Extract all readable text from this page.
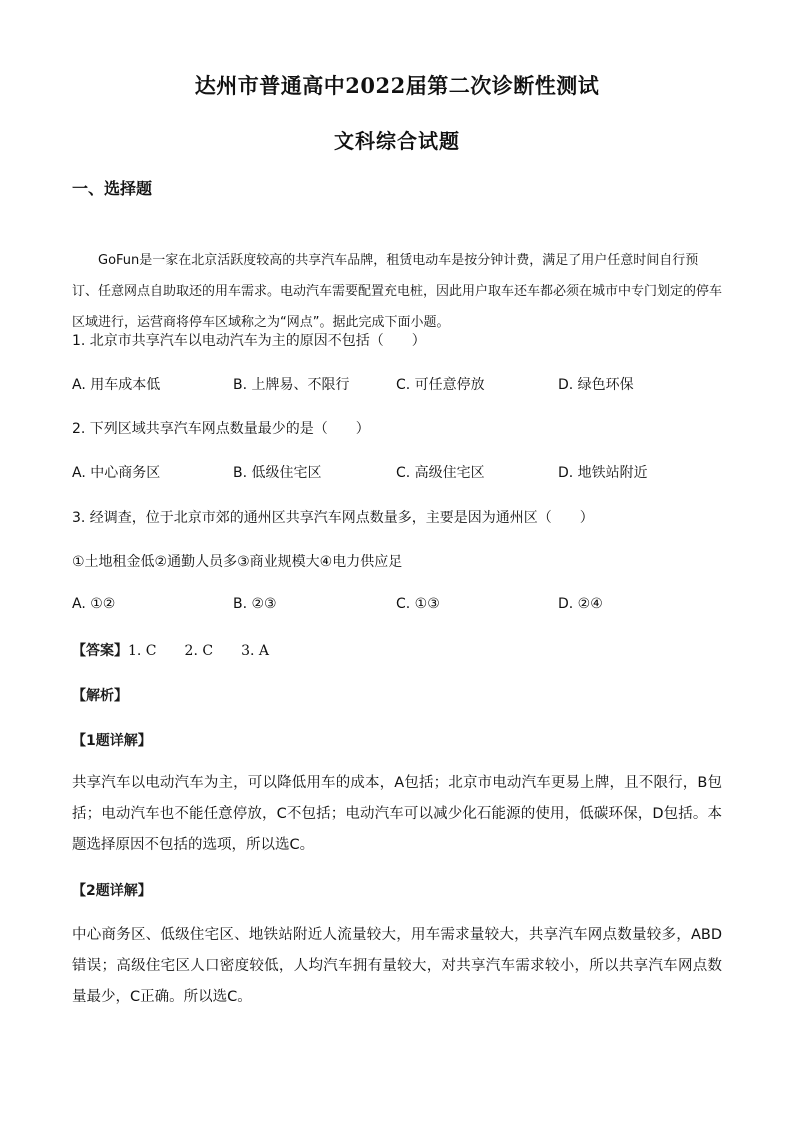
达州市普通高中2022届第二次诊断性测试
文科综合试题
一、选择题
GoFun是一家在北京活跃度较高的共享汽车品牌，租赁电动车是按分钟计费，满足了用户任意时间自行预订、任意网点自助取还的用车需求。电动汽车需要配置充电桩，因此用户取车还车都必须在城市中专门划定的停车区域进行，运营商将停车区域称之为“网点”。据此完成下面小题。
1. 北京市共享汽车以电动汽车为主的原因不包括（　　）
A. 用车成本低	B. 上牌易、不限行	C. 可任意停放	D. 绿色环保
2. 下列区域共享汽车网点数量最少的是（　　）
A. 中心商务区	B. 低级住宅区	C. 高级住宅区	D. 地铁站附近
3. 经调查，位于北京市郊的通州区共享汽车网点数量多，主要是因为通州区（　　）
①土地租金低②通勤人员多③商业规模大④电力供应足
A. ①②	B. ②③	C. ①③	D. ②④
【答案】1. C 2. C 3. A
【解析】
【1题详解】
共享汽车以电动汽车为主，可以降低用车的成本，A包括；北京市电动汽车更易上牌，且不限行，B包括；电动汽车也不能任意停放，C不包括；电动汽车可以减少化石能源的使用，低碳环保，D包括。本题选择原因不包括的选项，所以选C。
【2题详解】
中心商务区、低级住宅区、地铁站附近人流量较大，用车需求量较大，共享汽车网点数量较多，ABD错误；高级住宅区人口密度较低，人均汽车拥有量较大，对共享汽车需求较小，所以共享汽车网点数量最少，C正确。所以选C。
